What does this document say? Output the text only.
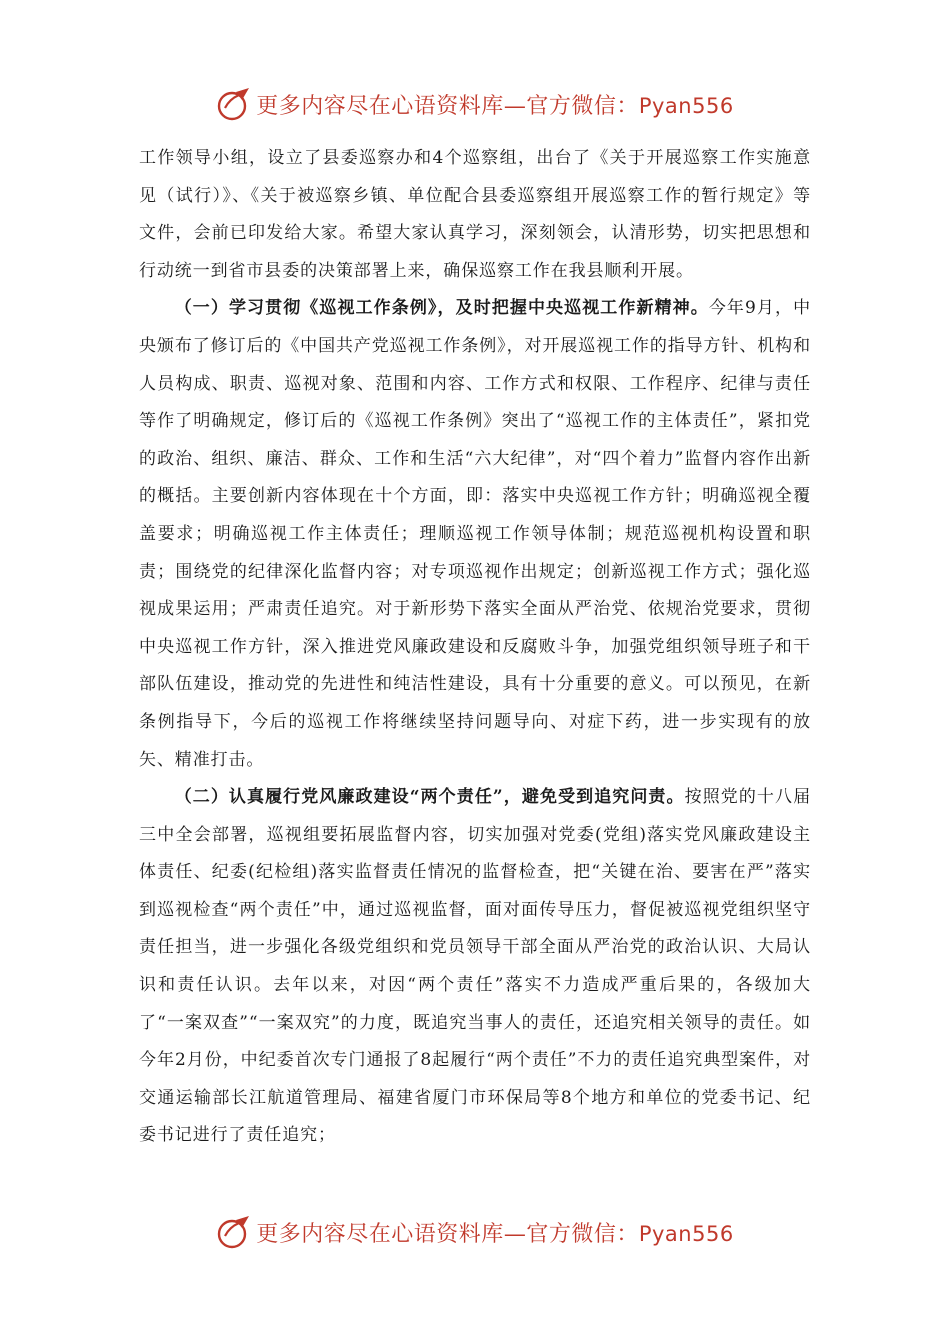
更多内容尽在心语资料库—官方微信：Pyan556

工作领导小组，设立了县委巡察办和4个巡察组，出台了《关于开展巡察工作实施意见（试行）》、《关于被巡察乡镇、单位配合县委巡察组开展巡察工作的暂行规定》等文件，会前已印发给大家。希望大家认真学习，深刻领会，认清形势，切实把思想和行动统一到省市县委的决策部署上来，确保巡察工作在我县顺利开展。

（一）学习贯彻《巡视工作条例》，及时把握中央巡视工作新精神。今年9月，中央颁布了修订后的《中国共产党巡视工作条例》，对开展巡视工作的指导方针、机构和人员构成、职责、巡视对象、范围和内容、工作方式和权限、工作程序、纪律与责任等作了明确规定，修订后的《巡视工作条例》突出了“巡视工作的主体责任”，紧扣党的政治、组织、廉洁、群众、工作和生活“六大纪律”，对“四个着力”监督内容作出新的概括。主要创新内容体现在十个方面，即：落实中央巡视工作方针；明确巡视全覆盖要求；明确巡视工作主体责任；理顺巡视工作领导体制；规范巡视机构设置和职责；围绕党的纪律深化监督内容；对专项巡视作出规定；创新巡视工作方式；强化巡视成果运用；严肃责任追究。对于新形势下落实全面从严治党、依规治党要求，贯彻中央巡视工作方针，深入推进党风廉政建设和反腐败斗争，加强党组织领导班子和干部队伍建设，推动党的先进性和纯洁性建设，具有十分重要的意义。可以预见，在新条例指导下，今后的巡视工作将继续坚持问题导向、对症下药，进一步实现有的放矢、精准打击。

（二）认真履行党风廉政建设“两个责任”，避免受到追究问责。按照党的十八届三中全会部署，巡视组要拓展监督内容，切实加强对党委(党组)落实党风廉政建设主体责任、纪委(纪检组)落实监督责任情况的监督检查，把“关键在治、要害在严”落实到巡视检查“两个责任”中，通过巡视监督，面对面传导压力，督促被巡视党组织坚守责任担当，进一步强化各级党组织和党员领导干部全面从严治党的政治认识、大局认识和责任认识。去年以来，对因“两个责任”落实不力造成严重后果的，各级加大了“一案双查”“一案双究”的力度，既追究当事人的责任，还追究相关领导的责任。如今年2月份，中纪委首次专门通报了8起履行“两个责任”不力的责任追究典型案件，对交通运输部长江航道管理局、福建省厦门市环保局等8个地方和单位的党委书记、纪委书记进行了责任追究；

更多内容尽在心语资料库—官方微信：Pyan556
